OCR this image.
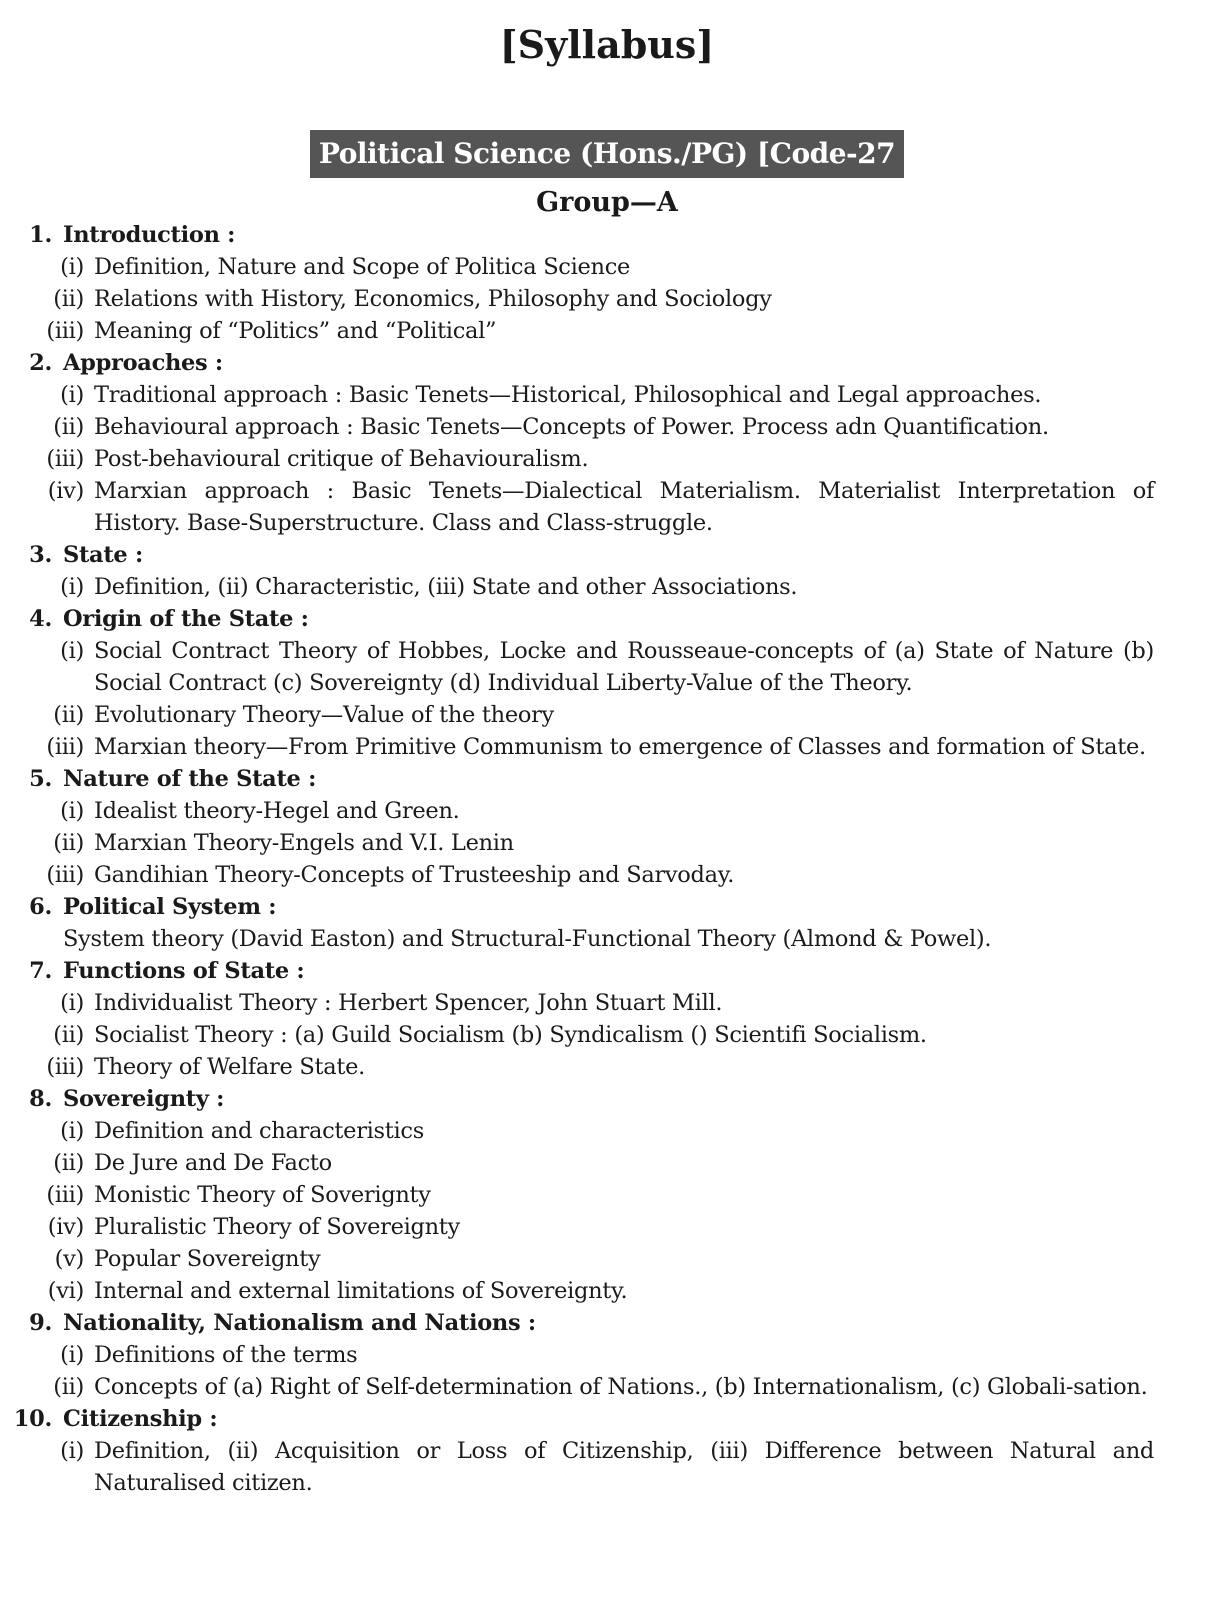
[Syllabus]
Political Science (Hons./PG) [Code-27
Group—A
1. Introduction :
(i) Definition, Nature and Scope of Politica Science
(ii) Relations with History, Economics, Philosophy and Sociology
(iii) Meaning of “Politics” and “Political”
2. Approaches :
(i) Traditional approach : Basic Tenets—Historical, Philosophical and Legal approaches.
(ii) Behavioural approach : Basic Tenets—Concepts of Power. Process adn Quantification.
(iii) Post-behavioural critique of Behaviouralism.
(iv) Marxian approach : Basic Tenets—Dialectical Materialism. Materialist Interpretation of History. Base-Superstructure. Class and Class-struggle.
3. State :
(i) Definition, (ii) Characteristic, (iii) State and other Associations.
4. Origin of the State :
(i) Social Contract Theory of Hobbes, Locke and Rousseaue-concepts of (a) State of Nature (b) Social Contract (c) Sovereignty (d) Individual Liberty-Value of the Theory.
(ii) Evolutionary Theory—Value of the theory
(iii) Marxian theory—From Primitive Communism to emergence of Classes and formation of State.
5. Nature of the State :
(i) Idealist theory-Hegel and Green.
(ii) Marxian Theory-Engels and V.I. Lenin
(iii) Gandihian Theory-Concepts of Trusteeship and Sarvoday.
6. Political System :
System theory (David Easton) and Structural-Functional Theory (Almond & Powel).
7. Functions of State :
(i) Individualist Theory : Herbert Spencer, John Stuart Mill.
(ii) Socialist Theory : (a) Guild Socialism (b) Syndicalism () Scientifi Socialism.
(iii) Theory of Welfare State.
8. Sovereignty :
(i) Definition and characteristics
(ii) De Jure and De Facto
(iii) Monistic Theory of Soverignty
(iv) Pluralistic Theory of Sovereignty
(v) Popular Sovereignty
(vi) Internal and external limitations of Sovereignty.
9. Nationality, Nationalism and Nations :
(i) Definitions of the terms
(ii) Concepts of (a) Right of Self-determination of Nations., (b) Internationalism, (c) Globali-sation.
10. Citizenship :
(i) Definition, (ii) Acquisition or Loss of Citizenship, (iii) Difference between Natural and Naturalised citizen.
